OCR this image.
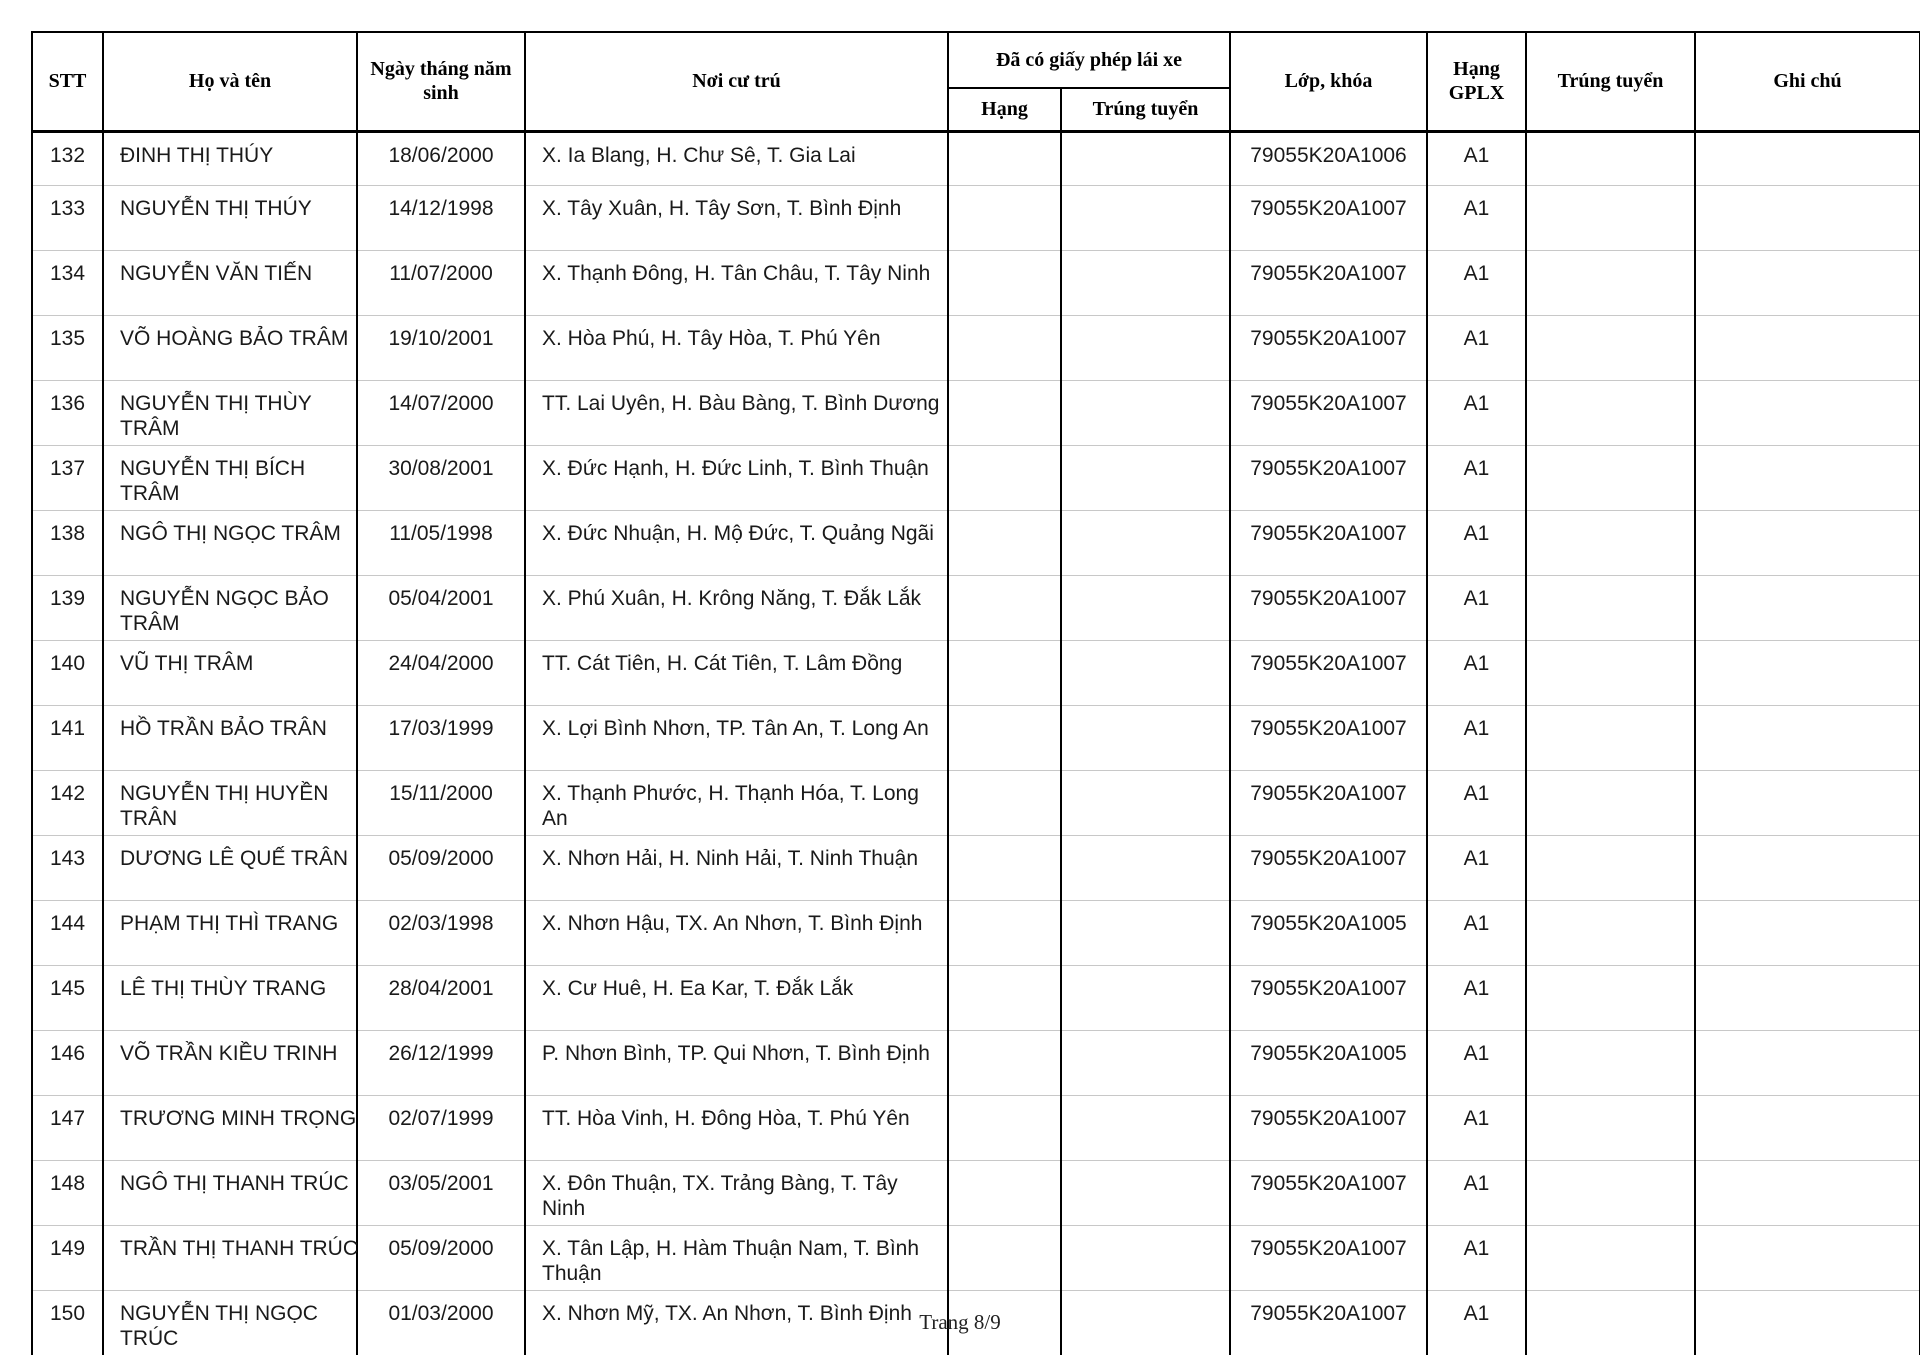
STT	Họ và tên	Ngày tháng năm sinh	Nơi cư trú	Đã có giấy phép lái xe		Lớp, khóa	Hạng GPLX	Trúng tuyển	Ghi chú
				Hạng	Trúng tuyển				
132	ĐINH THỊ THÚY	18/06/2000	X. Ia Blang, H. Chư Sê, T. Gia Lai			79055K20A1006	A1		
133	NGUYỄN THỊ THÚY	14/12/1998	X. Tây Xuân, H. Tây Sơn, T. Bình Định			79055K20A1007	A1		
134	NGUYỄN VĂN TIẾN	11/07/2000	X. Thạnh Đông, H. Tân Châu, T. Tây Ninh			79055K20A1007	A1		
135	VÕ HOÀNG BẢO TRÂM	19/10/2001	X. Hòa Phú, H. Tây Hòa, T. Phú Yên			79055K20A1007	A1		
136	NGUYỄN THỊ THÙY TRÂM	14/07/2000	TT. Lai Uyên, H. Bàu Bàng, T. Bình Dương			79055K20A1007	A1		
137	NGUYỄN THỊ BÍCH TRÂM	30/08/2001	X. Đức Hạnh, H. Đức Linh, T. Bình Thuận			79055K20A1007	A1		
138	NGÔ THỊ NGỌC TRÂM	11/05/1998	X. Đức Nhuận, H. Mộ Đức, T. Quảng Ngãi			79055K20A1007	A1		
139	NGUYỄN NGỌC BẢO TRÂM	05/04/2001	X. Phú Xuân, H. Krông Năng, T. Đắk Lắk			79055K20A1007	A1		
140	VŨ THỊ TRÂM	24/04/2000	TT. Cát Tiên, H. Cát Tiên, T. Lâm Đồng			79055K20A1007	A1		
141	HỒ TRẦN BẢO TRÂN	17/03/1999	X. Lợi Bình Nhơn, TP. Tân An, T. Long An			79055K20A1007	A1		
142	NGUYỄN THỊ HUYỀN TRÂN	15/11/2000	X. Thạnh Phước, H. Thạnh Hóa, T. Long An			79055K20A1007	A1		
143	DƯƠNG LÊ QUẾ TRÂN	05/09/2000	X. Nhơn Hải, H. Ninh Hải, T. Ninh Thuận			79055K20A1007	A1		
144	PHẠM THỊ THÌ TRANG	02/03/1998	X. Nhơn Hậu, TX. An Nhơn, T. Bình Định			79055K20A1005	A1		
145	LÊ THỊ THÙY TRANG	28/04/2001	X. Cư Huê, H. Ea Kar, T. Đắk Lắk			79055K20A1007	A1		
146	VÕ TRẦN KIỀU TRINH	26/12/1999	P. Nhơn Bình, TP. Qui Nhơn, T. Bình Định			79055K20A1005	A1		
147	TRƯƠNG MINH TRỌNG	02/07/1999	TT. Hòa Vinh, H. Đông Hòa, T. Phú Yên			79055K20A1007	A1		
148	NGÔ THỊ THANH TRÚC	03/05/2001	X. Đôn Thuận, TX. Trảng Bàng, T. Tây Ninh			79055K20A1007	A1		
149	TRẦN THỊ THANH TRÚC	05/09/2000	X. Tân Lập, H. Hàm Thuận Nam, T. Bình Thuận			79055K20A1007	A1		
150	NGUYỄN THỊ NGỌC TRÚC	01/03/2000	X. Nhơn Mỹ, TX. An Nhơn, T. Bình Định			79055K20A1007	A1		
Trang 8/9
